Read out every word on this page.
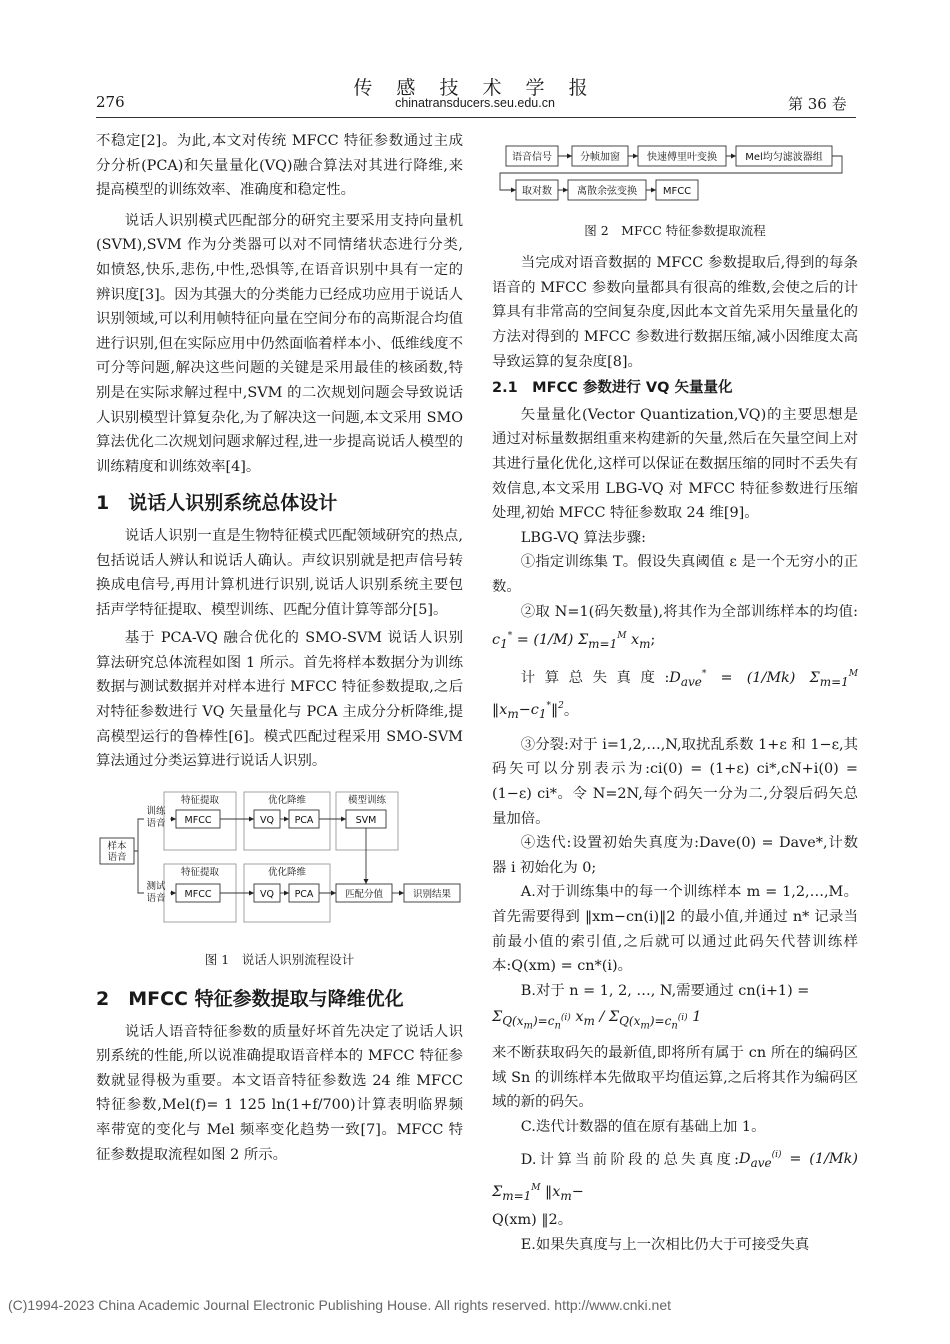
传 感 技 术 学 报
chinatransducers.seu.edu.cn
276	第 36 卷

不稳定[2]。为此,本文对传统 MFCC 特征参数通过主成分分析(PCA)和矢量量化(VQ)融合算法对其进行降维,来提高模型的训练效率、准确度和稳定性。

说话人识别模式匹配部分的研究主要采用支持向量机(SVM),SVM 作为分类器可以对不同情绪状态进行分类,如愤怒,快乐,悲伤,中性,恐惧等,在语音识别中具有一定的辨识度[3]。因为其强大的分类能力已经成功应用于说话人识别领域,可以利用帧特征向量在空间分布的高斯混合均值进行识别,但在实际应用中仍然面临着样本小、低维线度不可分等问题,解决这些问题的关键是采用最佳的核函数,特别是在实际求解过程中,SVM 的二次规划问题会导致说话人识别模型计算复杂化,为了解决这一问题,本文采用 SMO 算法优化二次规划问题求解过程,进一步提高说话人模型的训练精度和训练效率[4]。

1　说话人识别系统总体设计

说话人识别一直是生物特征模式匹配领域研究的热点,包括说话人辨认和说话人确认。声纹识别就是把声信号转换成电信号,再用计算机进行识别,说话人识别系统主要包括声学特征提取、模型训练、匹配分值计算等部分[5]。

基于 PCA-VQ 融合优化的 SMO-SVM 说话人识别算法研究总体流程如图 1 所示。首先将样本数据分为训练数据与测试数据并对样本进行 MFCC 特征参数提取,之后对特征参数进行 VQ 矢量量化与 PCA 主成分分析降维,提高模型运行的鲁棒性[6]。模式匹配过程采用 SMO-SVM 算法通过分类运算进行说话人识别。

样本
语音
训练
语音
测试
语音
特征提取	优化降维	模型训练
特征提取	优化降维
MFCC	VQ PCA	SVM
MFCC	VQ PCA	匹配分值	识别结果
图 1　说话人识别流程设计
2　MFCC 特征参数提取与降维优化

说话人语音特征参数的质量好坏首先决定了说话人识别系统的性能,所以说准确提取语音样本的 MFCC 特征参数就显得极为重要。本文语音特征参数选 24 维 MFCC 特征参数,Mel(f)= 1 125 ln(1+f/700)计算表明临界频率带宽的变化与 Mel 频率变化趋势一致[7]。MFCC 特征参数提取流程如图 2 所示。

语音信号	分帧加窗	快速傅里叶变换	Mel均匀滤波器组
取对数	离散余弦变换	MFCC
图 2　MFCC 特征参数提取流程

当完成对语音数据的 MFCC 参数提取后,得到的每条语音的 MFCC 参数向量都具有很高的维数,会使之后的计算具有非常高的空间复杂度,因此本文首先采用矢量量化的方法对得到的 MFCC 参数进行数据压缩,减小因维度太高导致运算的复杂度[8]。

2.1　MFCC 参数进行 VQ 矢量量化

矢量量化(Vector Quantization,VQ)的主要思想是通过对标量数据组重来构建新的矢量,然后在矢量空间上对其进行量化优化,这样可以保证在数据压缩的同时不丢失有效信息,本文采用 LBG-VQ 对 MFCC 特征参数进行压缩处理,初始 MFCC 特征参数取 24 维[9]。

LBG-VQ 算法步骤:

①指定训练集 T。假设失真阈值 ε 是一个无穷小的正数。

②取 N=1(码矢数量),将其作为全部训练样本的均值: $c_1^* = (1/M)$ $\Sigma_{m=1}^M$ $x_m$;

计算总失真度$:D_{ave}^* = (1/Mk)$ $\Sigma_{m=1}^M$ $‖x_m-c_1^*‖^2$。

③分裂:对于 i=1,2,…,N,取扰乱系数 1+ε 和 1−ε,其码矢可以分别表示为:ci(0) = (1+ε) ci*,cN+i(0) = (1−ε) ci*。令 N=2N,每个码矢一分为二,分裂后码矢总量加倍。

④迭代:设置初始失真度为:Dave(0) = Dave*,计数器 i 初始化为 0;

A.对于训练集中的每一个训练样本 m = 1,2,…,M。首先需要得到 ‖xm−cn(i)‖2 的最小值,并通过 n* 记录当前最小值的索引值,之后就可以通过此码矢代替训练样本:Q(xm) = cn*(i)。

B.对于 n = 1, 2, …, N,需要通过 cn(i+1) =

$\Sigma_{Q(x_m)=c_n^{(i)}}$ $x_m / \Sigma_{Q(x_m)=c_n^{(i)}}$ 1

来不断获取码矢的最新值,即将所有属于 cn 所在的编码区域 Sn 的训练样本先做取平均值运算,之后将其作为编码区域的新的码矢。

C.迭代计数器的值在原有基础上加 1。

D.计算当前阶段的总失真度$:D_{ave}^{(i)} = (1/Mk)$ $\Sigma_{m=1}^M$ $‖x_m-$

Q(xm) ‖2。

E.如果失真度与上一次相比仍大于可接受失真

(C)1994-2023 China Academic Journal Electronic Publishing House. All rights reserved. http://www.cnki.net
